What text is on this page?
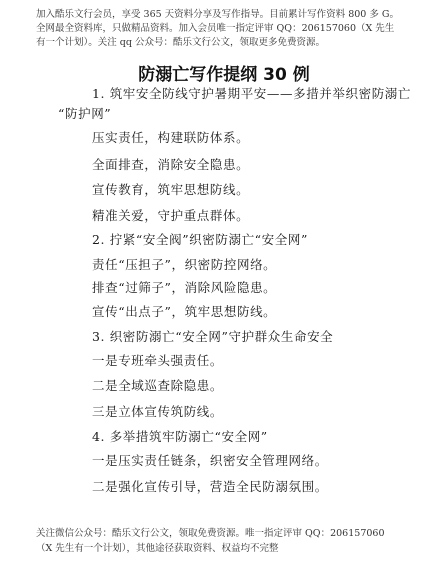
加入酷乐文行会员，享受 365 天资料分享及写作指导。目前累计写作资料 800 多 G。
全网最全资料库，只做精品资料。加入会员唯一指定评审 QQ：206157060（X 先生
有一个计划）。关注 qq 公众号：酷乐文行公文，领取更多免费资源。
防溺亡写作提纲 30 例
1. 筑牢安全防线守护暑期平安——多措并举织密防溺亡
“防护网”
压实责任，构建联防体系。
全面排查，消除安全隐患。
宣传教育，筑牢思想防线。
精准关爱，守护重点群体。
2. 拧紧“安全阀”织密防溺亡“安全网”
责任“压担子”，织密防控网络。
排查“过筛子”，消除风险隐患。
宣传“出点子”，筑牢思想防线。
3. 织密防溺亡“安全网”守护群众生命安全
一是专班牵头强责任。
二是全域巡查除隐患。
三是立体宣传筑防线。
4. 多举措筑牢防溺亡“安全网”
一是压实责任链条，织密安全管理网络。
二是强化宣传引导，营造全民防溺氛围。
关注微信公众号：酷乐文行公文，领取免费资源。唯一指定评审 QQ：206157060
（X 先生有一个计划），其他途径获取资料、权益均不完整
